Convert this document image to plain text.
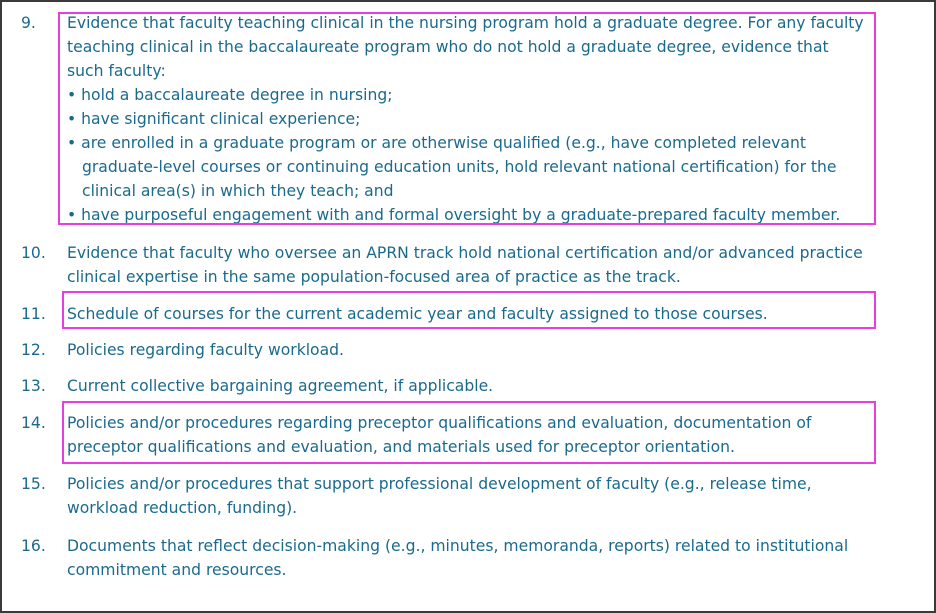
9. Evidence that faculty teaching clinical in the nursing program hold a graduate degree. For any faculty
teaching clinical in the baccalaureate program who do not hold a graduate degree, evidence that
such faculty:
• hold a baccalaureate degree in nursing;
• have significant clinical experience;
• are enrolled in a graduate program or are otherwise qualified (e.g., have completed relevant
graduate-level courses or continuing education units, hold relevant national certification) for the
clinical area(s) in which they teach; and
• have purposeful engagement with and formal oversight by a graduate-prepared faculty member.
10. Evidence that faculty who oversee an APRN track hold national certification and/or advanced practice
clinical expertise in the same population-focused area of practice as the track.
11. Schedule of courses for the current academic year and faculty assigned to those courses.
12. Policies regarding faculty workload.
13. Current collective bargaining agreement, if applicable.
14. Policies and/or procedures regarding preceptor qualifications and evaluation, documentation of
preceptor qualifications and evaluation, and materials used for preceptor orientation.
15. Policies and/or procedures that support professional development of faculty (e.g., release time,
workload reduction, funding).
16. Documents that reflect decision-making (e.g., minutes, memoranda, reports) related to institutional
commitment and resources.
